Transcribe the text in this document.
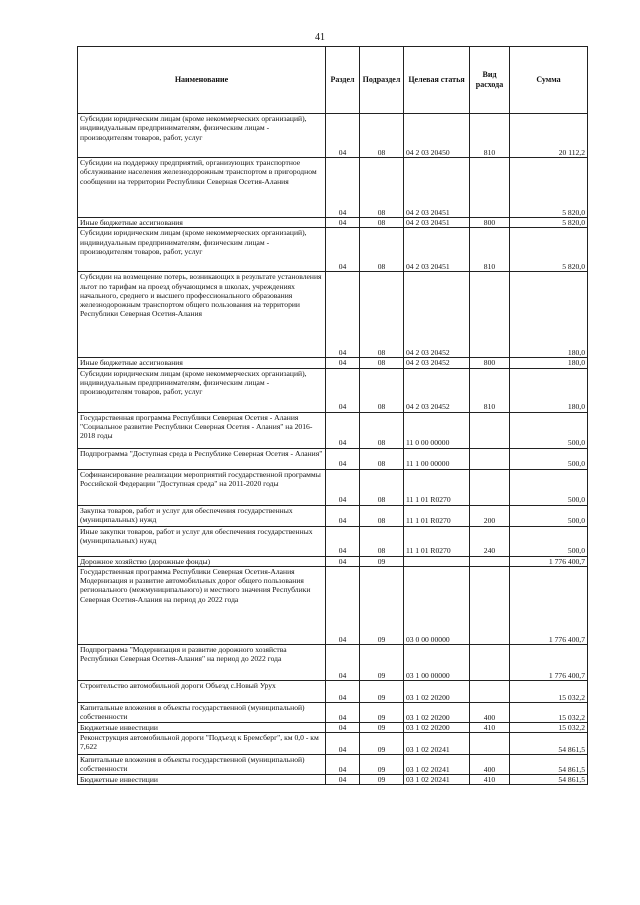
41
Наименование	Раздел	Подраздел	Целевая статья	Вид расхода	Сумма
Субсидии юридическим лицам (кроме некоммерческих организаций), индивидуальным предпринимателям, физическим лицам - производителям товаров, работ, услуг	04	08	04 2 03 20450	810	20 112,2
Субсидии на поддержку предприятий, организующих транспортное обслуживание населения железнодорожным транспортом в пригородном сообщении на территории Республики Северная Осетия-Алания	04	08	04 2 03 20451		5 820,0
Иные бюджетные ассигнования	04	08	04 2 03 20451	800	5 820,0
Субсидии юридическим лицам (кроме некоммерческих организаций), индивидуальным предпринимателям, физическим лицам - производителям товаров, работ, услуг	04	08	04 2 03 20451	810	5 820,0
Субсидии на возмещение потерь, возникающих в результате установления льгот по тарифам на проезд обучающимся в школах, учреждениях начального, среднего и высшего профессионального образования железнодорожным транспортом общего пользования на территории Республики Северная Осетия-Алания	04	08	04 2 03 20452		180,0
Иные бюджетные ассигнования	04	08	04 2 03 20452	800	180,0
Субсидии юридическим лицам (кроме некоммерческих организаций), индивидуальным предпринимателям, физическим лицам - производителям товаров, работ, услуг	04	08	04 2 03 20452	810	180,0
Государственная программа Республики Северная Осетия - Алания "Социальное развитие Республики Северная Осетия - Алания" на 2016-2018 годы	04	08	11 0 00 00000		500,0
Подпрограмма "Доступная среда в Республике Северная Осетия - Алания"	04	08	11 1 00 00000		500,0
Софинансирование реализации мероприятий государственной программы Российской Федерации "Доступная среда" на 2011-2020 годы	04	08	11 1 01 R0270		500,0
Закупка товаров, работ и услуг для обеспечения государственных (муниципальных) нужд	04	08	11 1 01 R0270	200	500,0
Иные закупки товаров, работ и услуг для обеспечения государственных (муниципальных) нужд	04	08	11 1 01 R0270	240	500,0
Дорожное хозяйство (дорожные фонды)	04	09			1 776 400,7
Государственная программа Республики Северная Осетия-Алания Модернизация и развитие автомобильных дорог общего пользования регионального (межмуниципального) и местного значения Республики Северная Осетия-Алания на период до 2022 года	04	09	03 0 00 00000		1 776 400,7
Подпрограмма "Модернизация и развитие дорожного хозяйства Республики Северная Осетия-Алания" на период до 2022 года	04	09	03 1 00 00000		1 776 400,7
Строительство автомобильной дороги Объезд с.Новый Урух	04	09	03 1 02 20200		15 032,2
Капитальные вложения в объекты государственной (муниципальной) собственности	04	09	03 1 02 20200	400	15 032,2
Бюджетные инвестиции	04	09	03 1 02 20200	410	15 032,2
Реконструкция автомобильной дороги "Подъезд к Бремсберг", км 0,0 - км 7,622	04	09	03 1 02 20241		54 861,5
Капитальные вложения в объекты государственной (муниципальной) собственности	04	09	03 1 02 20241	400	54 861,5
Бюджетные инвестиции	04	09	03 1 02 20241	410	54 861,5
